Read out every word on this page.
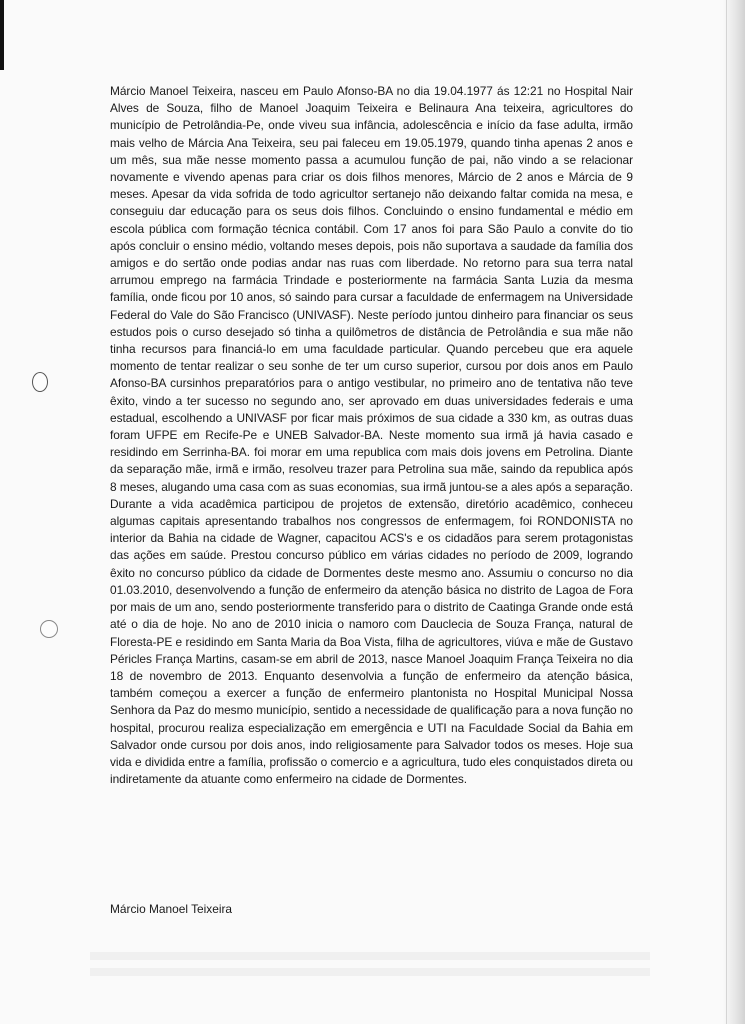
Márcio Manoel Teixeira, nasceu em Paulo Afonso-BA no dia 19.04.1977 ás 12:21 no Hospital Nair Alves de Souza, filho de Manoel Joaquim Teixeira e Belinaura Ana teixeira, agricultores do município de Petrolândia-Pe, onde viveu sua infância, adolescência e início da fase adulta, irmão mais velho de Márcia Ana Teixeira, seu pai faleceu em 19.05.1979, quando tinha apenas 2 anos e um mês, sua mãe nesse momento passa a acumulou função de pai, não vindo a se relacionar novamente e vivendo apenas para criar os dois filhos menores, Márcio de 2 anos e Márcia de 9 meses. Apesar da vida sofrida de todo agricultor sertanejo não deixando faltar comida na mesa, e conseguiu dar educação para os seus dois filhos. Concluindo o ensino fundamental e médio em escola pública com formação técnica contábil. Com 17 anos foi para São Paulo a convite do tio após concluir o ensino médio, voltando meses depois, pois não suportava a saudade da família dos amigos e do sertão onde podias andar nas ruas com liberdade. No retorno para sua terra natal arrumou emprego na farmácia Trindade e posteriormente na farmácia Santa Luzia da mesma família, onde ficou por 10 anos, só saindo para cursar a faculdade de enfermagem na Universidade Federal do Vale do São Francisco (UNIVASF). Neste período juntou dinheiro para financiar os seus estudos pois o curso desejado só tinha a quilômetros de distância de Petrolândia e sua mãe não tinha recursos para financiá-lo em uma faculdade particular. Quando percebeu que era aquele momento de tentar realizar o seu sonhe de ter um curso superior, cursou por dois anos em Paulo Afonso-BA cursinhos preparatórios para o antigo vestibular, no primeiro ano de tentativa não teve êxito, vindo a ter sucesso no segundo ano, ser aprovado em duas universidades federais e uma estadual, escolhendo a UNIVASF por ficar mais próximos de sua cidade a 330 km, as outras duas foram UFPE em Recife-Pe e UNEB Salvador-BA. Neste momento sua irmã já havia casado e residindo em Serrinha-BA. foi morar em uma republica com mais dois jovens em Petrolina. Diante da separação mãe, irmã e irmão, resolveu trazer para Petrolina sua mãe, saindo da republica após 8 meses, alugando uma casa com as suas economias, sua irmã juntou-se a ales após a separação. Durante a vida acadêmica participou de projetos de extensão, diretório acadêmico, conheceu algumas capitais apresentando trabalhos nos congressos de enfermagem, foi RONDONISTA no interior da Bahia na cidade de Wagner, capacitou ACS's e os cidadãos para serem protagonistas das ações em saúde. Prestou concurso público em várias cidades no período de 2009, logrando êxito no concurso público da cidade de Dormentes deste mesmo ano. Assumiu o concurso no dia 01.03.2010, desenvolvendo a função de enfermeiro da atenção básica no distrito de Lagoa de Fora por mais de um ano, sendo posteriormente transferido para o distrito de Caatinga Grande onde está até o dia de hoje. No ano de 2010 inicia o namoro com Dauclecia de Souza França, natural de Floresta-PE e residindo em Santa Maria da Boa Vista, filha de agricultores, viúva e mãe de Gustavo Péricles França Martins, casam-se em abril de 2013, nasce Manoel Joaquim França Teixeira no dia 18 de novembro de 2013. Enquanto desenvolvia a função de enfermeiro da atenção básica, também começou a exercer a função de enfermeiro plantonista no Hospital Municipal Nossa Senhora da Paz do mesmo município, sentido a necessidade de qualificação para a nova função no hospital, procurou realiza especialização em emergência e UTI na Faculdade Social da Bahia em Salvador onde cursou por dois anos, indo religiosamente para Salvador todos os meses. Hoje sua vida e dividida entre a família, profissão o comercio e a agricultura, tudo eles conquistados direta ou indiretamente da atuante como enfermeiro na cidade de Dormentes.

Márcio Manoel Teixeira
